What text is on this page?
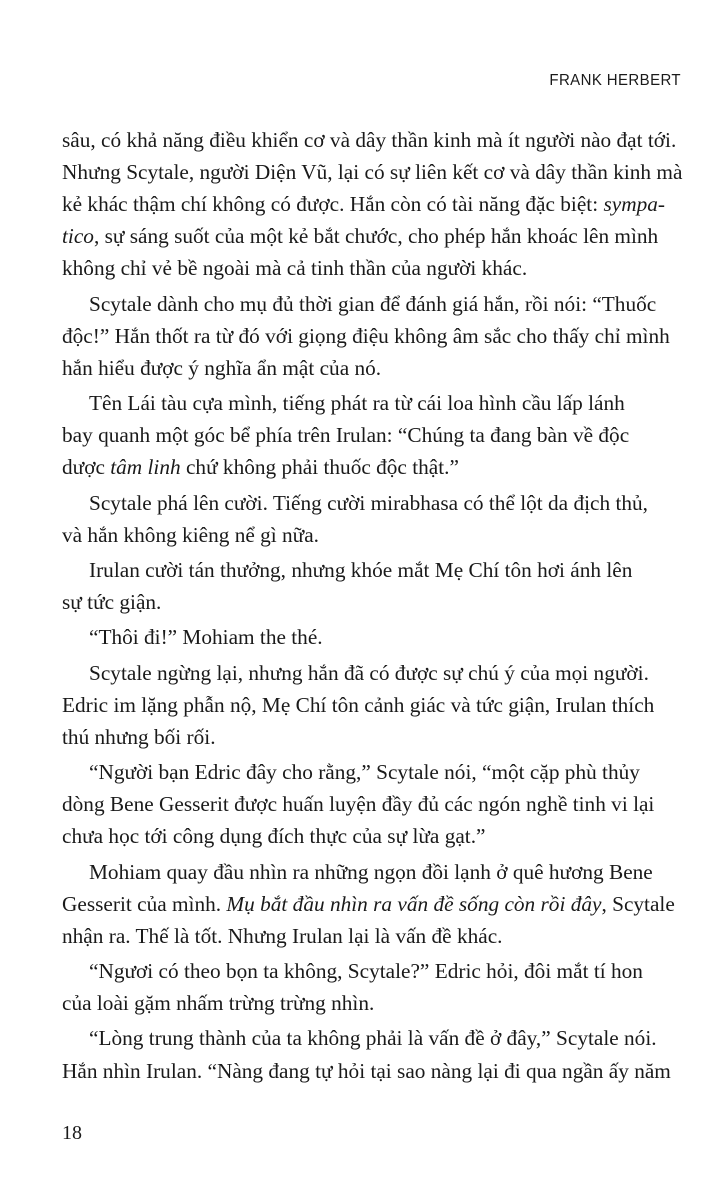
FRANK HERBERT
sâu, có khả năng điều khiển cơ và dây thần kinh mà ít người nào đạt tới.
Nhưng Scytale, người Diện Vũ, lại có sự liên kết cơ và dây thần kinh mà
kẻ khác thậm chí không có được. Hắn còn có tài năng đặc biệt: sympa-
tico, sự sáng suốt của một kẻ bắt chước, cho phép hắn khoác lên mình
không chỉ vẻ bề ngoài mà cả tinh thần của người khác.
Scytale dành cho mụ đủ thời gian để đánh giá hắn, rồi nói: “Thuốc
độc!” Hắn thốt ra từ đó với giọng điệu không âm sắc cho thấy chỉ mình
hắn hiểu được ý nghĩa ẩn mật của nó.
Tên Lái tàu cựa mình, tiếng phát ra từ cái loa hình cầu lấp lánh
bay quanh một góc bể phía trên Irulan: “Chúng ta đang bàn về độc
dược tâm linh chứ không phải thuốc độc thật.”
Scytale phá lên cười. Tiếng cười mirabhasa có thể lột da địch thủ,
và hắn không kiêng nể gì nữa.
Irulan cười tán thưởng, nhưng khóe mắt Mẹ Chí tôn hơi ánh lên
sự tức giận.
“Thôi đi!” Mohiam the thé.
Scytale ngừng lại, nhưng hắn đã có được sự chú ý của mọi người.
Edric im lặng phẫn nộ, Mẹ Chí tôn cảnh giác và tức giận, Irulan thích
thú nhưng bối rối.
“Người bạn Edric đây cho rằng,” Scytale nói, “một cặp phù thủy
dòng Bene Gesserit được huấn luyện đầy đủ các ngón nghề tinh vi lại
chưa học tới công dụng đích thực của sự lừa gạt.”
Mohiam quay đầu nhìn ra những ngọn đồi lạnh ở quê hương Bene
Gesserit của mình. Mụ bắt đầu nhìn ra vấn đề sống còn rồi đây, Scytale
nhận ra. Thế là tốt. Nhưng Irulan lại là vấn đề khác.
“Ngươi có theo bọn ta không, Scytale?” Edric hỏi, đôi mắt tí hon
của loài gặm nhấm trừng trừng nhìn.
“Lòng trung thành của ta không phải là vấn đề ở đây,” Scytale nói.
Hắn nhìn Irulan. “Nàng đang tự hỏi tại sao nàng lại đi qua ngần ấy năm
18
